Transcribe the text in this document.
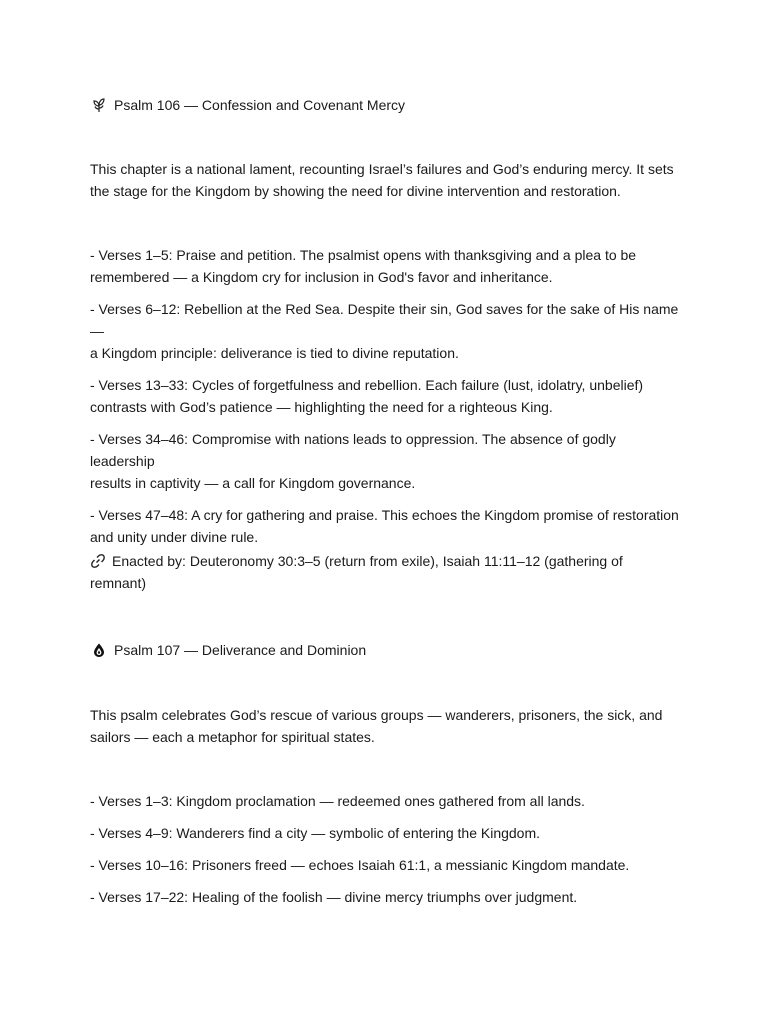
Psalm 106 — Confession and Covenant Mercy

This chapter is a national lament, recounting Israel’s failures and God’s enduring mercy. It sets

the stage for the Kingdom by showing the need for divine intervention and restoration.

- Verses 1–5: Praise and petition. The psalmist opens with thanksgiving and a plea to be

remembered — a Kingdom cry for inclusion in God's favor and inheritance.

- Verses 6–12: Rebellion at the Red Sea. Despite their sin, God saves for the sake of His name —

a Kingdom principle: deliverance is tied to divine reputation.

- Verses 13–33: Cycles of forgetfulness and rebellion. Each failure (lust, idolatry, unbelief)

contrasts with God’s patience — highlighting the need for a righteous King.

- Verses 34–46: Compromise with nations leads to oppression. The absence of godly leadership

results in captivity — a call for Kingdom governance.

- Verses 47–48: A cry for gathering and praise. This echoes the Kingdom promise of restoration

and unity under divine rule.

Enacted by: Deuteronomy 30:3–5 (return from exile), Isaiah 11:11–12 (gathering of

remnant)

Psalm 107 — Deliverance and Dominion

This psalm celebrates God’s rescue of various groups — wanderers, prisoners, the sick, and

sailors — each a metaphor for spiritual states.

- Verses 1–3: Kingdom proclamation — redeemed ones gathered from all lands.

- Verses 4–9: Wanderers find a city — symbolic of entering the Kingdom.

- Verses 10–16: Prisoners freed — echoes Isaiah 61:1, a messianic Kingdom mandate.

- Verses 17–22: Healing of the foolish — divine mercy triumphs over judgment.
